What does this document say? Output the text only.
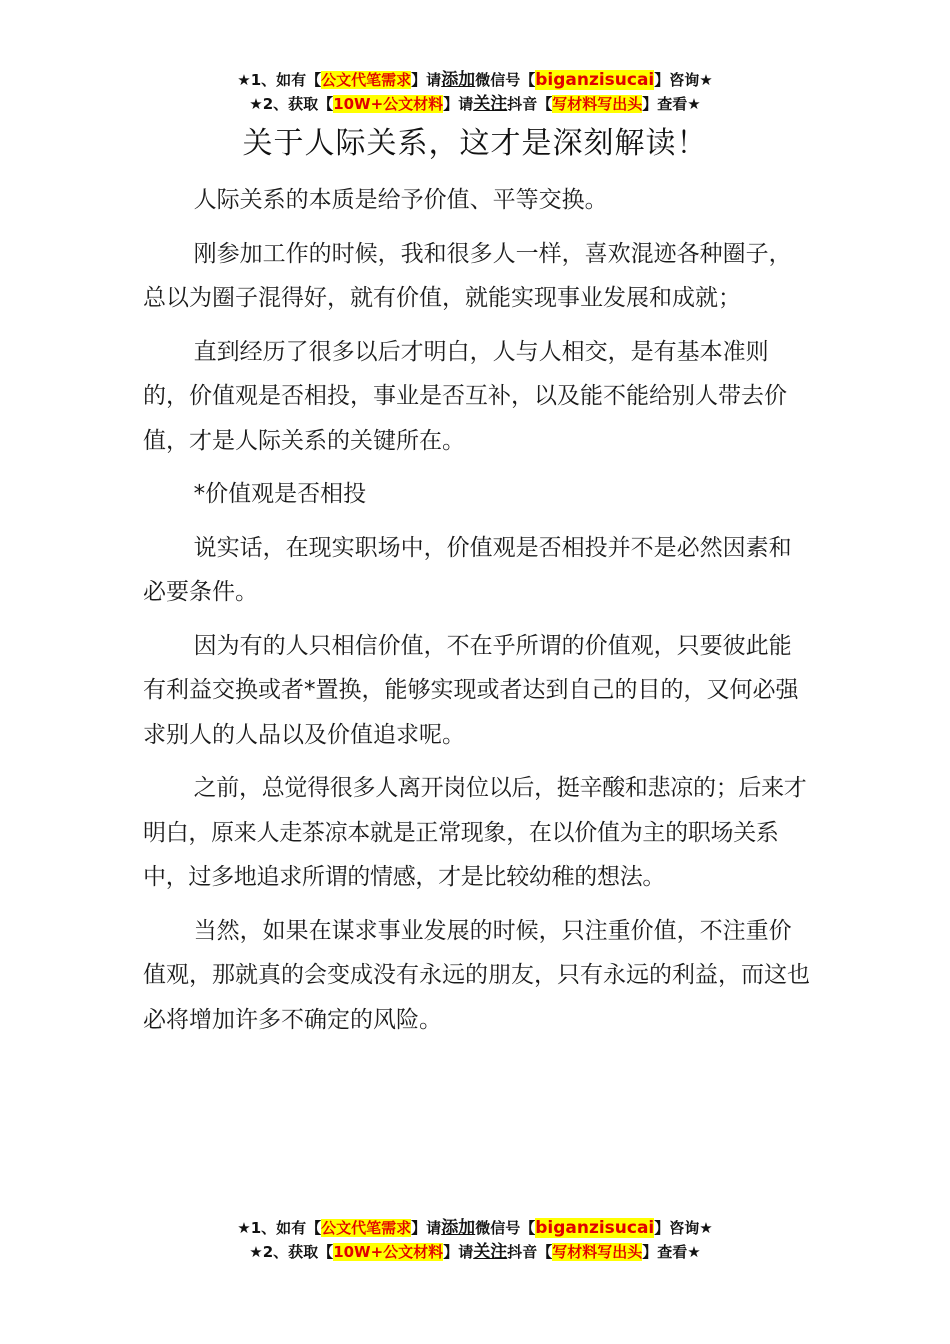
★1、如有【公文代笔需求】请添加微信号【biganzisucai】咨询★
★2、获取【10W+公文材料】请关注抖音【写材料写出头】查看★
关于人际关系，这才是深刻解读！

人际关系的本质是给予价值、平等交换。

刚参加工作的时候，我和很多人一样，喜欢混迹各种圈子，总以为圈子混得好，就有价值，就能实现事业发展和成就；

直到经历了很多以后才明白，人与人相交，是有基本准则的，价值观是否相投，事业是否互补，以及能不能给别人带去价值，才是人际关系的关键所在。

*价值观是否相投

说实话，在现实职场中，价值观是否相投并不是必然因素和必要条件。

因为有的人只相信价值，不在乎所谓的价值观，只要彼此能有利益交换或者*置换，能够实现或者达到自己的目的，又何必强求别人的人品以及价值追求呢。

之前，总觉得很多人离开岗位以后，挺辛酸和悲凉的；后来才明白，原来人走茶凉本就是正常现象，在以价值为主的职场关系中，过多地追求所谓的情感，才是比较幼稚的想法。

当然，如果在谋求事业发展的时候，只注重价值，不注重价值观，那就真的会变成没有永远的朋友，只有永远的利益，而这也必将增加许多不确定的风险。

★1、如有【公文代笔需求】请添加微信号【biganzisucai】咨询★
★2、获取【10W+公文材料】请关注抖音【写材料写出头】查看★
